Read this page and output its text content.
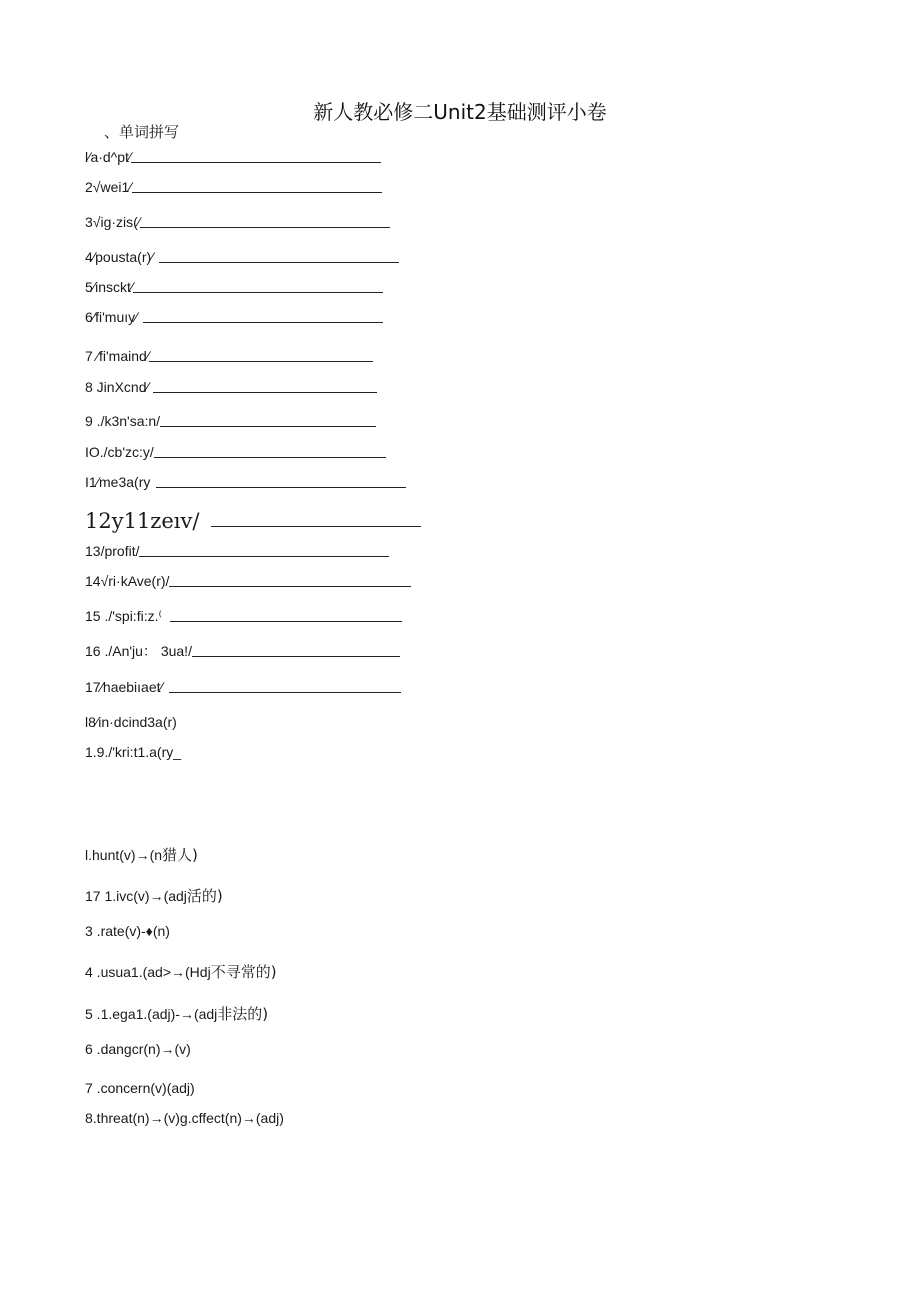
新人教必修二Unit2基础测评小卷
、单词拼写
l∕a·d^pt∕
2√wei1∕
3√ig·zis(∕
4∕pousta(r)∕
5∕insckt∕
6∕fi'muıy∕
7 ∕fi'maind∕
8 JinXcnd∕
9 ./k3n'sa:n/
IO./cb'zc:y/
I1∕me3a(ry
12y11zeıv/
13/profit/
14√ri·kAve(r)/
15 ./'spi:fi:z.⁽
16 ./An'ju： 3ua!/
17∕haebiıaet∕
l8∕in·dcind3a(r)
1.9./'kri:t1.a(ry_
l.hunt(v)→(n猎人)
17 1.ivc(v)→(adj活的)
3 .rate(v)-♦(n)
4 .usua1.(ad>→(Hdj不寻常的)
5 .1.ega1.(adj)-→(adj非法的)
6 .dangcr(n)→(v)
7 .concern(v)(adj)
8.threat(n)→(v)g.cffect(n)→(adj)
